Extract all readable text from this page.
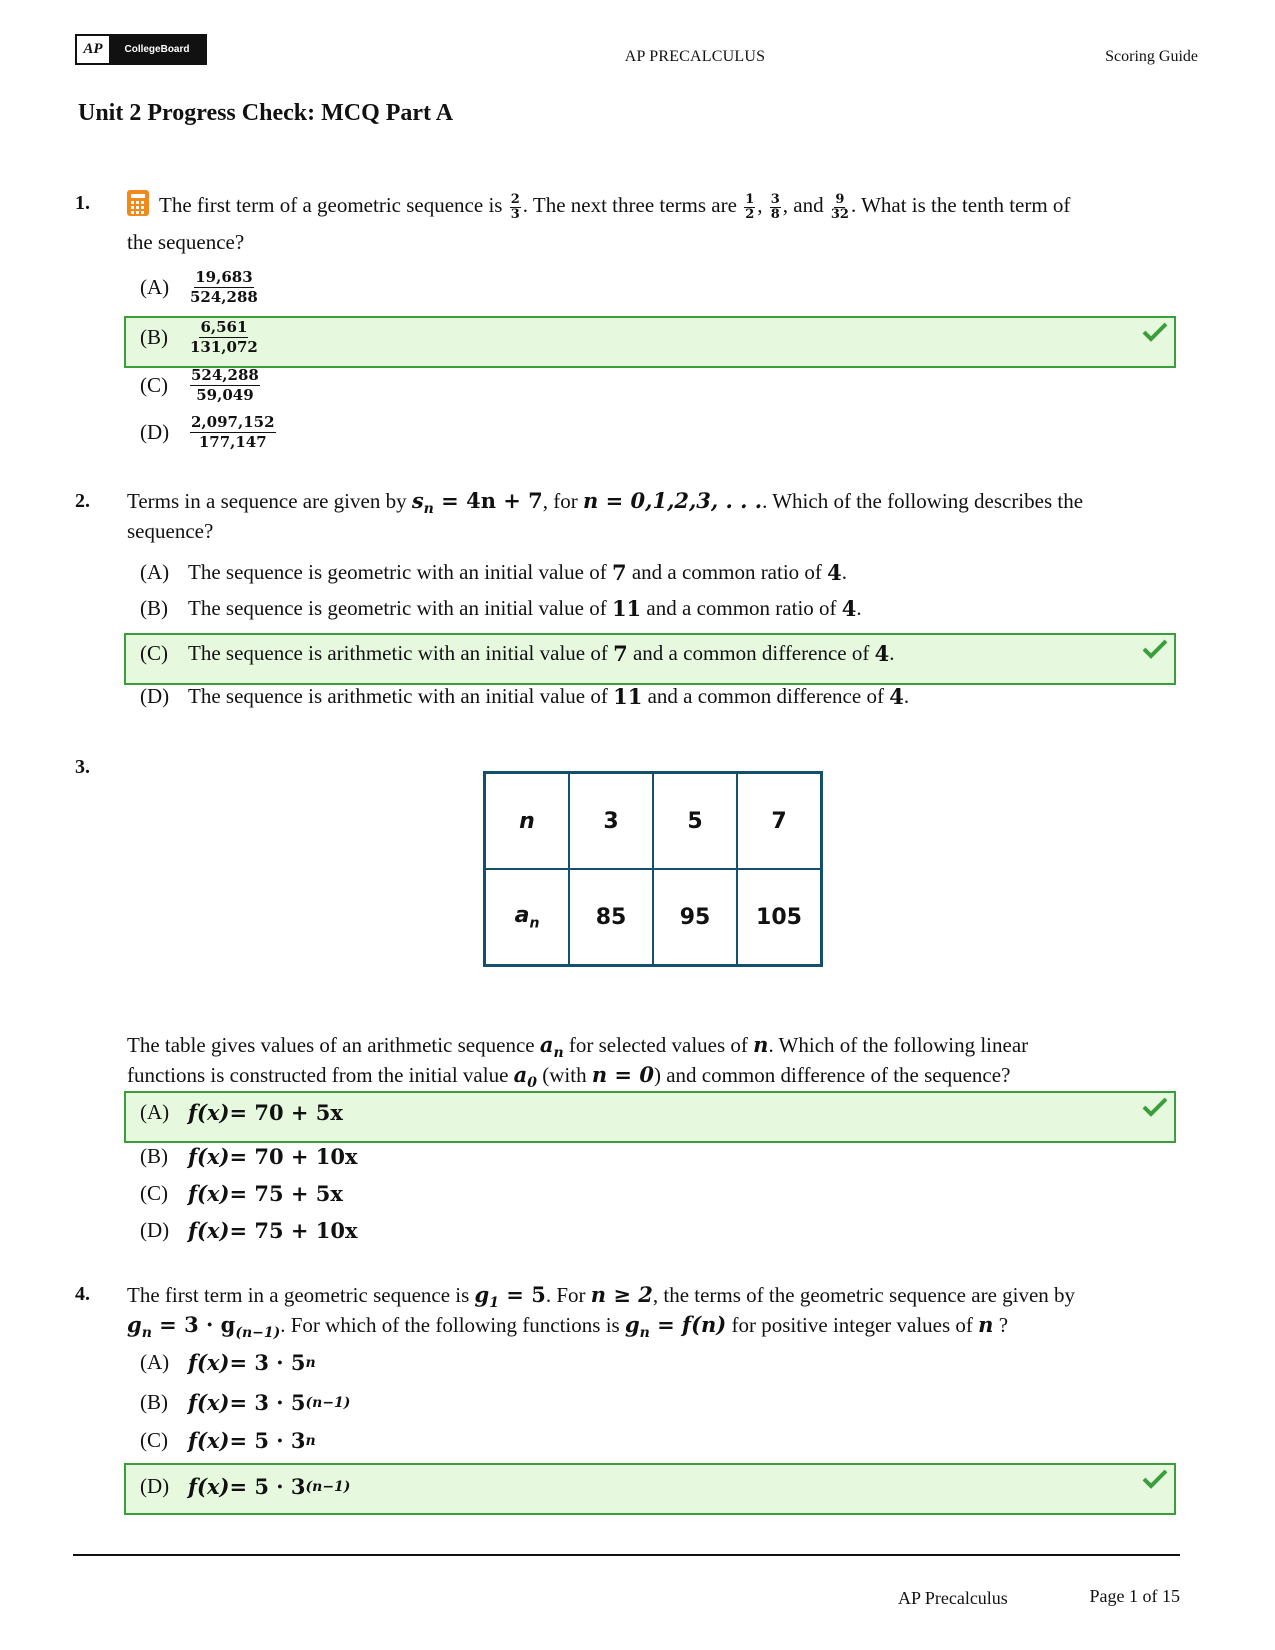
AP	CollegeBoard	AP PRECALCULUS	Scoring Guide
Unit 2 Progress Check: MCQ Part A
1.	The first term of a geometric sequence is $\frac{2}{3}$ . The next three terms are $\frac{1}{2}$ , $\frac{3}{8}$ , and $\frac{9}{32}$ . What is the tenth term of
the sequence?
(A)	$\frac{19,683}{524,288}$
(B)	$\frac{6,561}{131,072}$
(C)	$\frac{524,288}{59,049}$
(D)	$\frac{2,097,152}{177,147}$
2. Terms in a sequence are given by $s_n = 4n + 7$, for n = 0,1,2,3, . . .. Which of the following describes the
sequence?
(A) The sequence is geometric with an initial value of
7
and a common ratio of
4 .
(B) The sequence is geometric with an initial value of
11
and a common ratio of
4 .
(C) The sequence is arithmetic with an initial value of
7
and a common difference of
4 .
(D) The sequence is arithmetic with an initial value of
11
and a common difference of
4 .
3.
n	3	5	7
$a_n$	85	95	105
The table gives values of an arithmetic sequence $a_n$ for selected values of n. Which of the following linear
functions is constructed from the initial value $a_0$ (with n = 0) and common difference of the sequence?
(A) f(x) = 70 + 5x
(B) f(x) = 70 + 10x
(C) f(x) = 75 + 5x
(D) f(x) = 75 + 10x
4. The first term in a geometric sequence is $g_1 = 5$. For n ≥ 2, the terms of the geometric sequence are given by
$g_n = 3 \cdot g_{(n-1)}$. For which of the following functions is $g_n = f(n)$ for positive integer values of n ?
(A) f(x) = 3 · 5 n
(B) f(x) = 3 · 5 (n−1)
(C) f(x) = 5 · 3 n
(D) f(x) = 5 · 3 (n−1)
AP Precalculus	Page 1 of 15
